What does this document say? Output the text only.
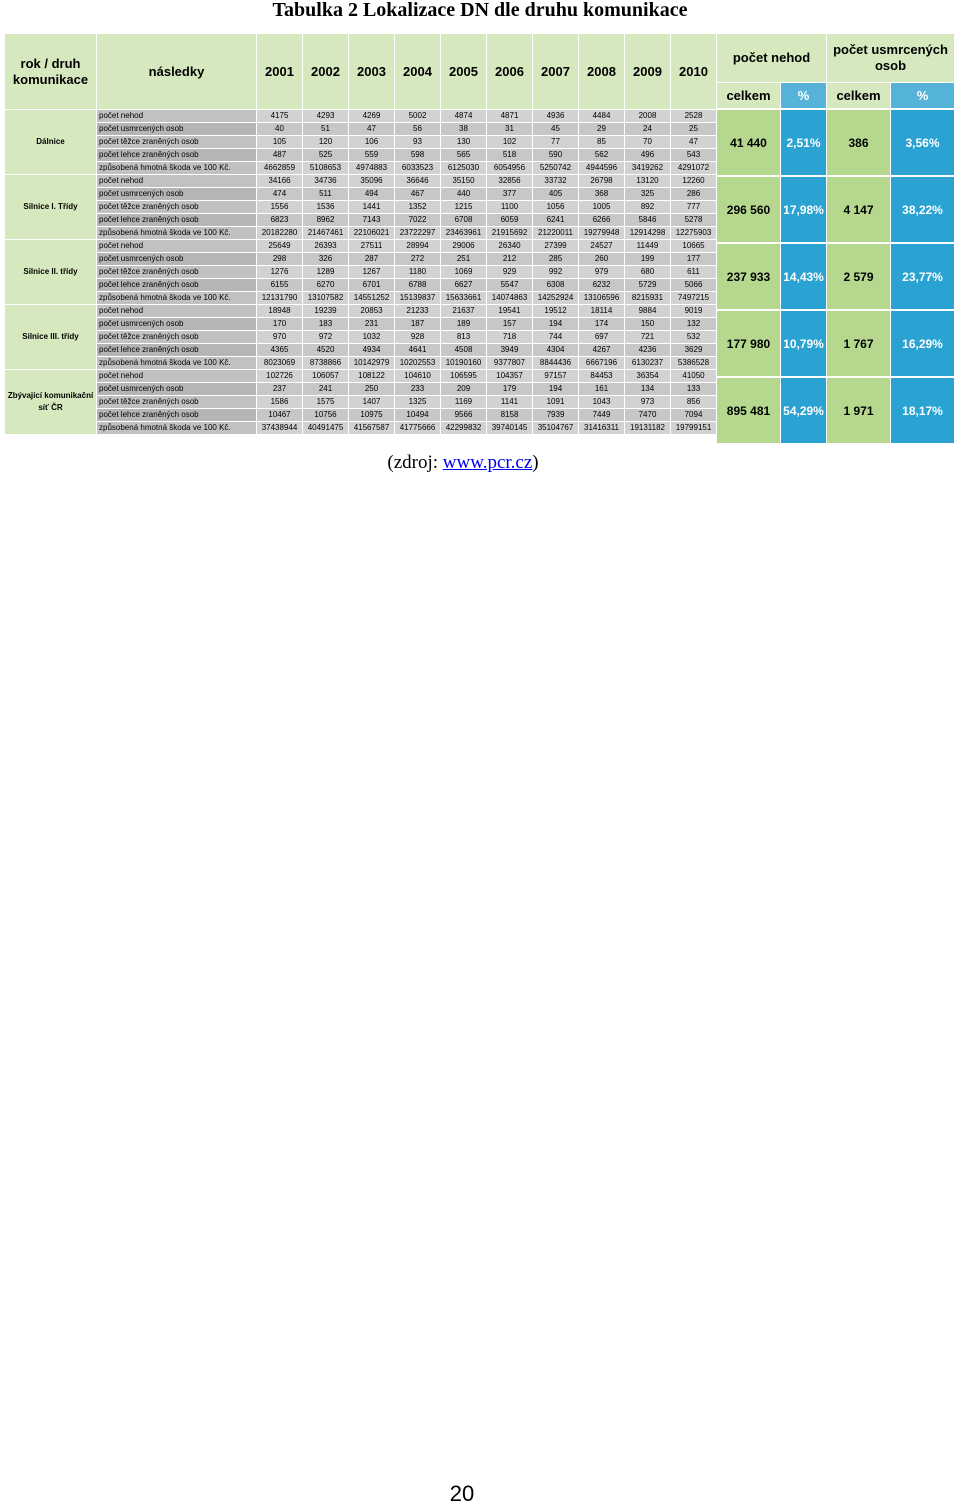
Tabulka 2 Lokalizace DN dle druhu komunikace
rok / druh komunikace	následky	2001	2002	2003	2004	2005	2006	2007	2008	2009	2010
Dálnice	počet nehod	4175	4293	4269	5002	4874	4871	4936	4484	2008	2528
	počet usmrcených osob	40	51	47	56	38	31	45	29	24	25
	počet těžce zraněných osob	105	120	106	93	130	102	77	85	70	47
	počet lehce zraněných osob	487	525	559	598	565	518	590	562	496	543
	způsobená hmotná škoda ve 100 Kč.	4662859	5108653	4974883	6033523	6125030	6054956	5250742	4944596	3419262	4291072
Silnice I. Třídy	počet nehod	34166	34736	35096	36646	35150	32856	33732	26798	13120	12260
	počet usmrcených osob	474	511	494	467	440	377	405	368	325	286
	počet těžce zraněných osob	1556	1536	1441	1352	1215	1100	1056	1005	892	777
	počet lehce zraněných osob	6823	8962	7143	7022	6708	6059	6241	6266	5846	5278
	způsobená hmotná škoda ve 100 Kč.	20182280	21467461	22106021	23722297	23463961	21915692	21220011	19279948	12914298	12275903
Silnice II. třídy	počet nehod	25649	26393	27511	28994	29006	26340	27399	24527	11449	10665
	počet usmrcených osob	298	326	287	272	251	212	285	260	199	177
	počet těžce zraněných osob	1276	1289	1267	1180	1069	929	992	979	680	611
	počet lehce zraněných osob	6155	6270	6701	6788	6627	5547	6308	6232	5729	5066
	způsobená hmotná škoda ve 100 Kč.	12131790	13107582	14551252	15139837	15633661	14074863	14252924	13106596	8215931	7497215
Silnice III. třídy	počet nehod	18948	19239	20853	21233	21637	19541	19512	18114	9884	9019
	počet usmrcených osob	170	183	231	187	189	157	194	174	150	132
	počet těžce zraněných osob	970	972	1032	928	813	718	744	697	721	532
	počet lehce zraněných osob	4365	4520	4934	4641	4508	3949	4304	4267	4236	3629
	způsobená hmotná škoda ve 100 Kč.	8023069	8738866	10142979	10202553	10190160	9377807	8844436	6667196	6130237	5386528
Zbývající komunikační síť ČR	počet nehod	102726	106057	108122	104610	106595	104357	97157	84453	36354	41050
	počet usmrcených osob	237	241	250	233	209	179	194	161	134	133
	počet těžce zraněných osob	1586	1575	1407	1325	1169	1141	1091	1043	973	856
	počet lehce zraněných osob	10467	10756	10975	10494	9566	8158	7939	7449	7470	7094
	způsobená hmotná škoda ve 100 Kč.	37438944	40491475	41567587	41775666	42299832	39740145	35104767	31416311	19131182	19799151
počet nehod		počet usmrcených osob	
celkem	%	celkem	%
41 440	2,51%	386	3,56%
296 560	17,98%	4 147	38,22%
237 933	14,43%	2 579	23,77%
177 980	10,79%	1 767	16,29%
895 481	54,29%	1 971	18,17%
(zdroj: www.pcr.cz)
20
